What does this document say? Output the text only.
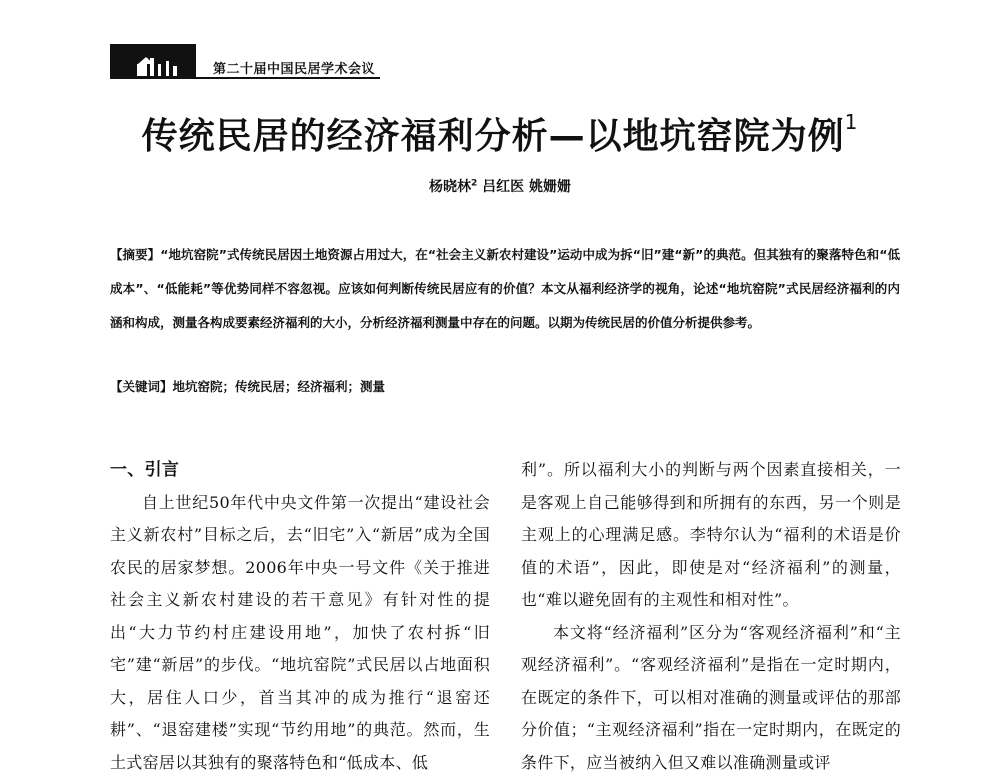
第二十届中国民居学术会议
传统民居的经济福利分析—以地坑窑院为例$^1$
杨晓林$^2$ 吕红医 姚姗姗
【摘要】“地坑窑院”式传统民居因土地资源占用过大，在“社会主义新农村建设”运动中成为拆“旧”建“新”的典范。但其独有的聚落特色和“低成本”、“低能耗”等优势同样不容忽视。应该如何判断传统民居应有的价值？本文从福利经济学的视角，论述“地坑窑院”式民居经济福利的内涵和构成，测量各构成要素经济福利的大小，分析经济福利测量中存在的问题。以期为传统民居的价值分析提供参考。
【关键词】地坑窑院；传统民居；经济福利；测量
一、引言

自上世纪50年代中央文件第一次提出“建设社会主义新农村”目标之后，去“旧宅”入“新居”成为全国农民的居家梦想。2006年中央一号文件《关于推进社会主义新农村建设的若干意见》有针对性的提出“大力节约村庄建设用地”，加快了农村拆“旧宅”建“新居”的步伐。“地坑窑院”式民居以占地面积大，居住人口少，首当其冲的成为推行“退窑还耕”、“退窑建楼”实现“节约用地”的典范。然而，生土式窑居以其独有的聚落特色和“低成本、低

利”。所以福利大小的判断与两个因素直接相关，一是客观上自己能够得到和所拥有的东西，另一个则是主观上的心理满足感。李特尔认为“福利的术语是价值的术语”，因此，即使是对“经济福利”的测量，也“难以避免固有的主观性和相对性”。

本文将“经济福利”区分为“客观经济福利”和“主观经济福利”。“客观经济福利”是指在一定时期内，在既定的条件下，可以相对准确的测量或评估的那部分价值；“主观经济福利”指在一定时期内，在既定的条件下，应当被纳入但又难以准确测量或评
